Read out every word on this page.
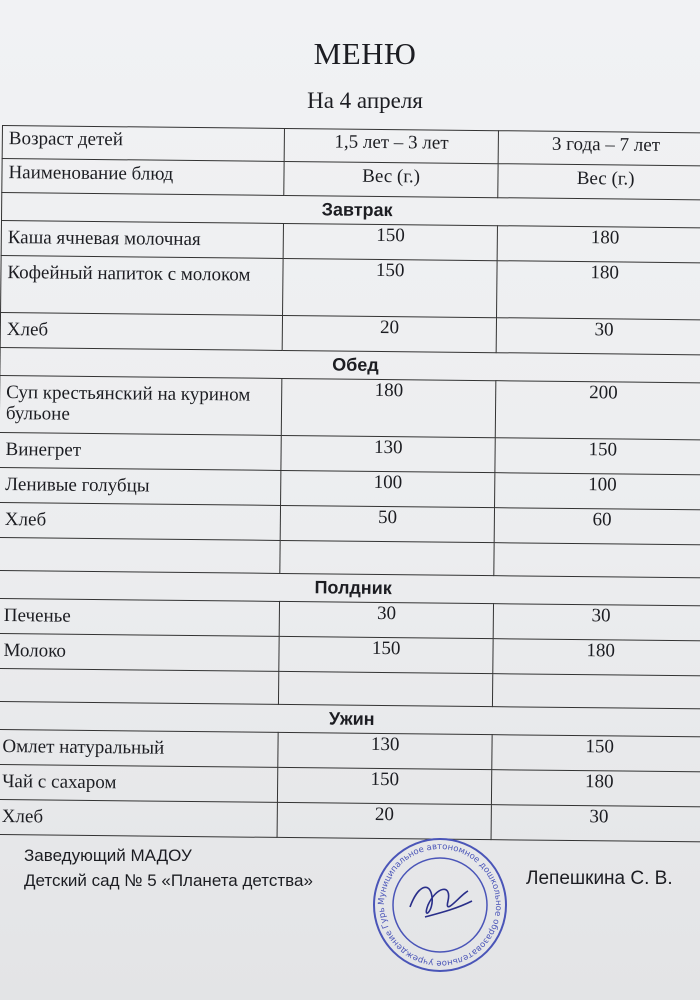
МЕНЮ
На 4 апреля
Возраст детей	1,5 лет – 3 лет	3 года – 7 лет
Наименование блюд	Вес (г.)	Вес (г.)
Завтрак		
Каша ячневая молочная	150	180
Кофейный напиток с молоком	150	180
Хлеб	20	30
Обед		
Суп крестьянский на курином бульоне	180	200
Винегрет	130	150
Ленивые голубцы	100	100
Хлеб	50	60

Полдник		
Печенье	30	30
Молоко	150	180

Ужин		
Омлет натуральный	130	150
Чай с сахаром	150	180
Хлеб	20	30
Заведующий МАДОУ
Детский сад № 5 «Планета детства»
Муниципальное автономное дошкольное образовательное учреждение Гурь
Лепешкина С. В.
